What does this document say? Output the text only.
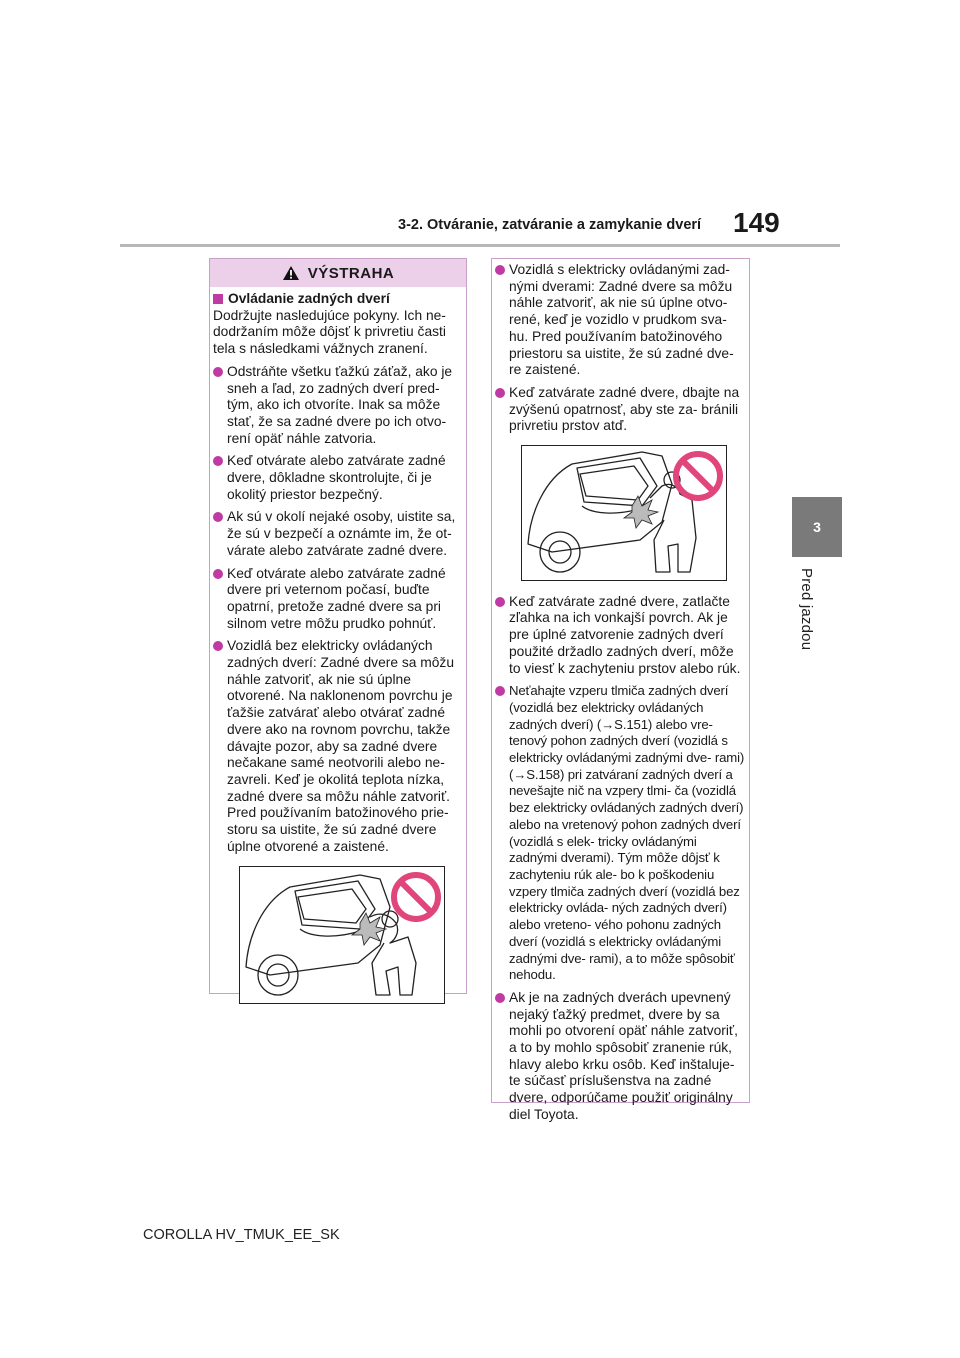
3-2. Otváranie, zatváranie a zamykanie dverí 149
3
Pred jazdou
VÝSTRAHA
Ovládanie zadných dverí
Dodržujte nasledujúce pokyny. Ich ne- dodržaním môže dôjsť k privretiu časti tela s následkami vážnych zranení.
Odstráňte všetku ťažkú záťaž, ako je sneh a ľad, zo zadných dverí pred- tým, ako ich otvoríte. Inak sa môže stať, že sa zadné dvere po ich otvo- rení opäť náhle zatvoria.
Keď otvárate alebo zatvárate zadné dvere, dôkladne skontrolujte, či je okolitý priestor bezpečný.
Ak sú v okolí nejaké osoby, uistite sa, že sú v bezpečí a oznámte im, že ot- várate alebo zatvárate zadné dvere.
Keď otvárate alebo zatvárate zadné dvere pri veternom počasí, buďte opatrní, pretože zadné dvere sa pri silnom vetre môžu prudko pohnúť.
Vozidlá bez elektricky ovládaných zadných dverí: Zadné dvere sa môžu náhle zatvoriť, ak nie sú úplne otvorené. Na naklonenom povrchu je ťažšie zatvárať alebo otvárať zadné dvere ako na rovnom povrchu, takže dávajte pozor, aby sa zadné dvere nečakane samé neotvorili alebo ne- zavreli. Keď je okolitá teplota nízka, zadné dvere sa môžu náhle zatvoriť. Pred používaním batožinového prie- storu sa uistite, že sú zadné dvere úplne otvorené a zaistené.
Vozidlá s elektricky ovládanými zad- nými dverami: Zadné dvere sa môžu náhle zatvoriť, ak nie sú úplne otvo- rené, keď je vozidlo v prudkom sva- hu. Pred používaním batožinového priestoru sa uistite, že sú zadné dve- re zaistené.
Keď zatvárate zadné dvere, dbajte na zvýšenú opatrnosť, aby ste za- bránili privretiu prstov atď.
Keď zatvárate zadné dvere, zatlačte zľahka na ich vonkajší povrch. Ak je pre úplné zatvorenie zadných dverí použité držadlo zadných dverí, môže to viesť k zachyteniu prstov alebo rúk.
Neťahajte vzperu tlmiča zadných dverí (vozidlá bez elektricky ovládaných zadných dverí) (→S.151) alebo vre- tenový pohon zadných dverí (vozidlá s elektricky ovládanými zadnými dve- rami) (→S.158) pri zatváraní zadných dverí a nevešajte nič na vzpery tlmi- ča (vozidlá bez elektricky ovládaných zadných dverí) alebo na vretenový pohon zadných dverí (vozidlá s elek- tricky ovládanými zadnými dverami). Tým môže dôjsť k zachyteniu rúk ale- bo k poškodeniu vzpery tlmiča zadných dverí (vozidlá bez elektricky ovláda- ných zadných dverí) alebo vreteno- vého pohonu zadných dverí (vozidlá s elektricky ovládanými zadnými dve- rami), a to môže spôsobiť nehodu.
Ak je na zadných dverách upevnený nejaký ťažký predmet, dvere by sa mohli po otvorení opäť náhle zatvoriť, a to by mohlo spôsobiť zranenie rúk, hlavy alebo krku osôb. Keď inštaluje- te súčasť príslušenstva na zadné dvere, odporúčame použiť originálny diel Toyota.
COROLLA HV_TMUK_EE_SK
